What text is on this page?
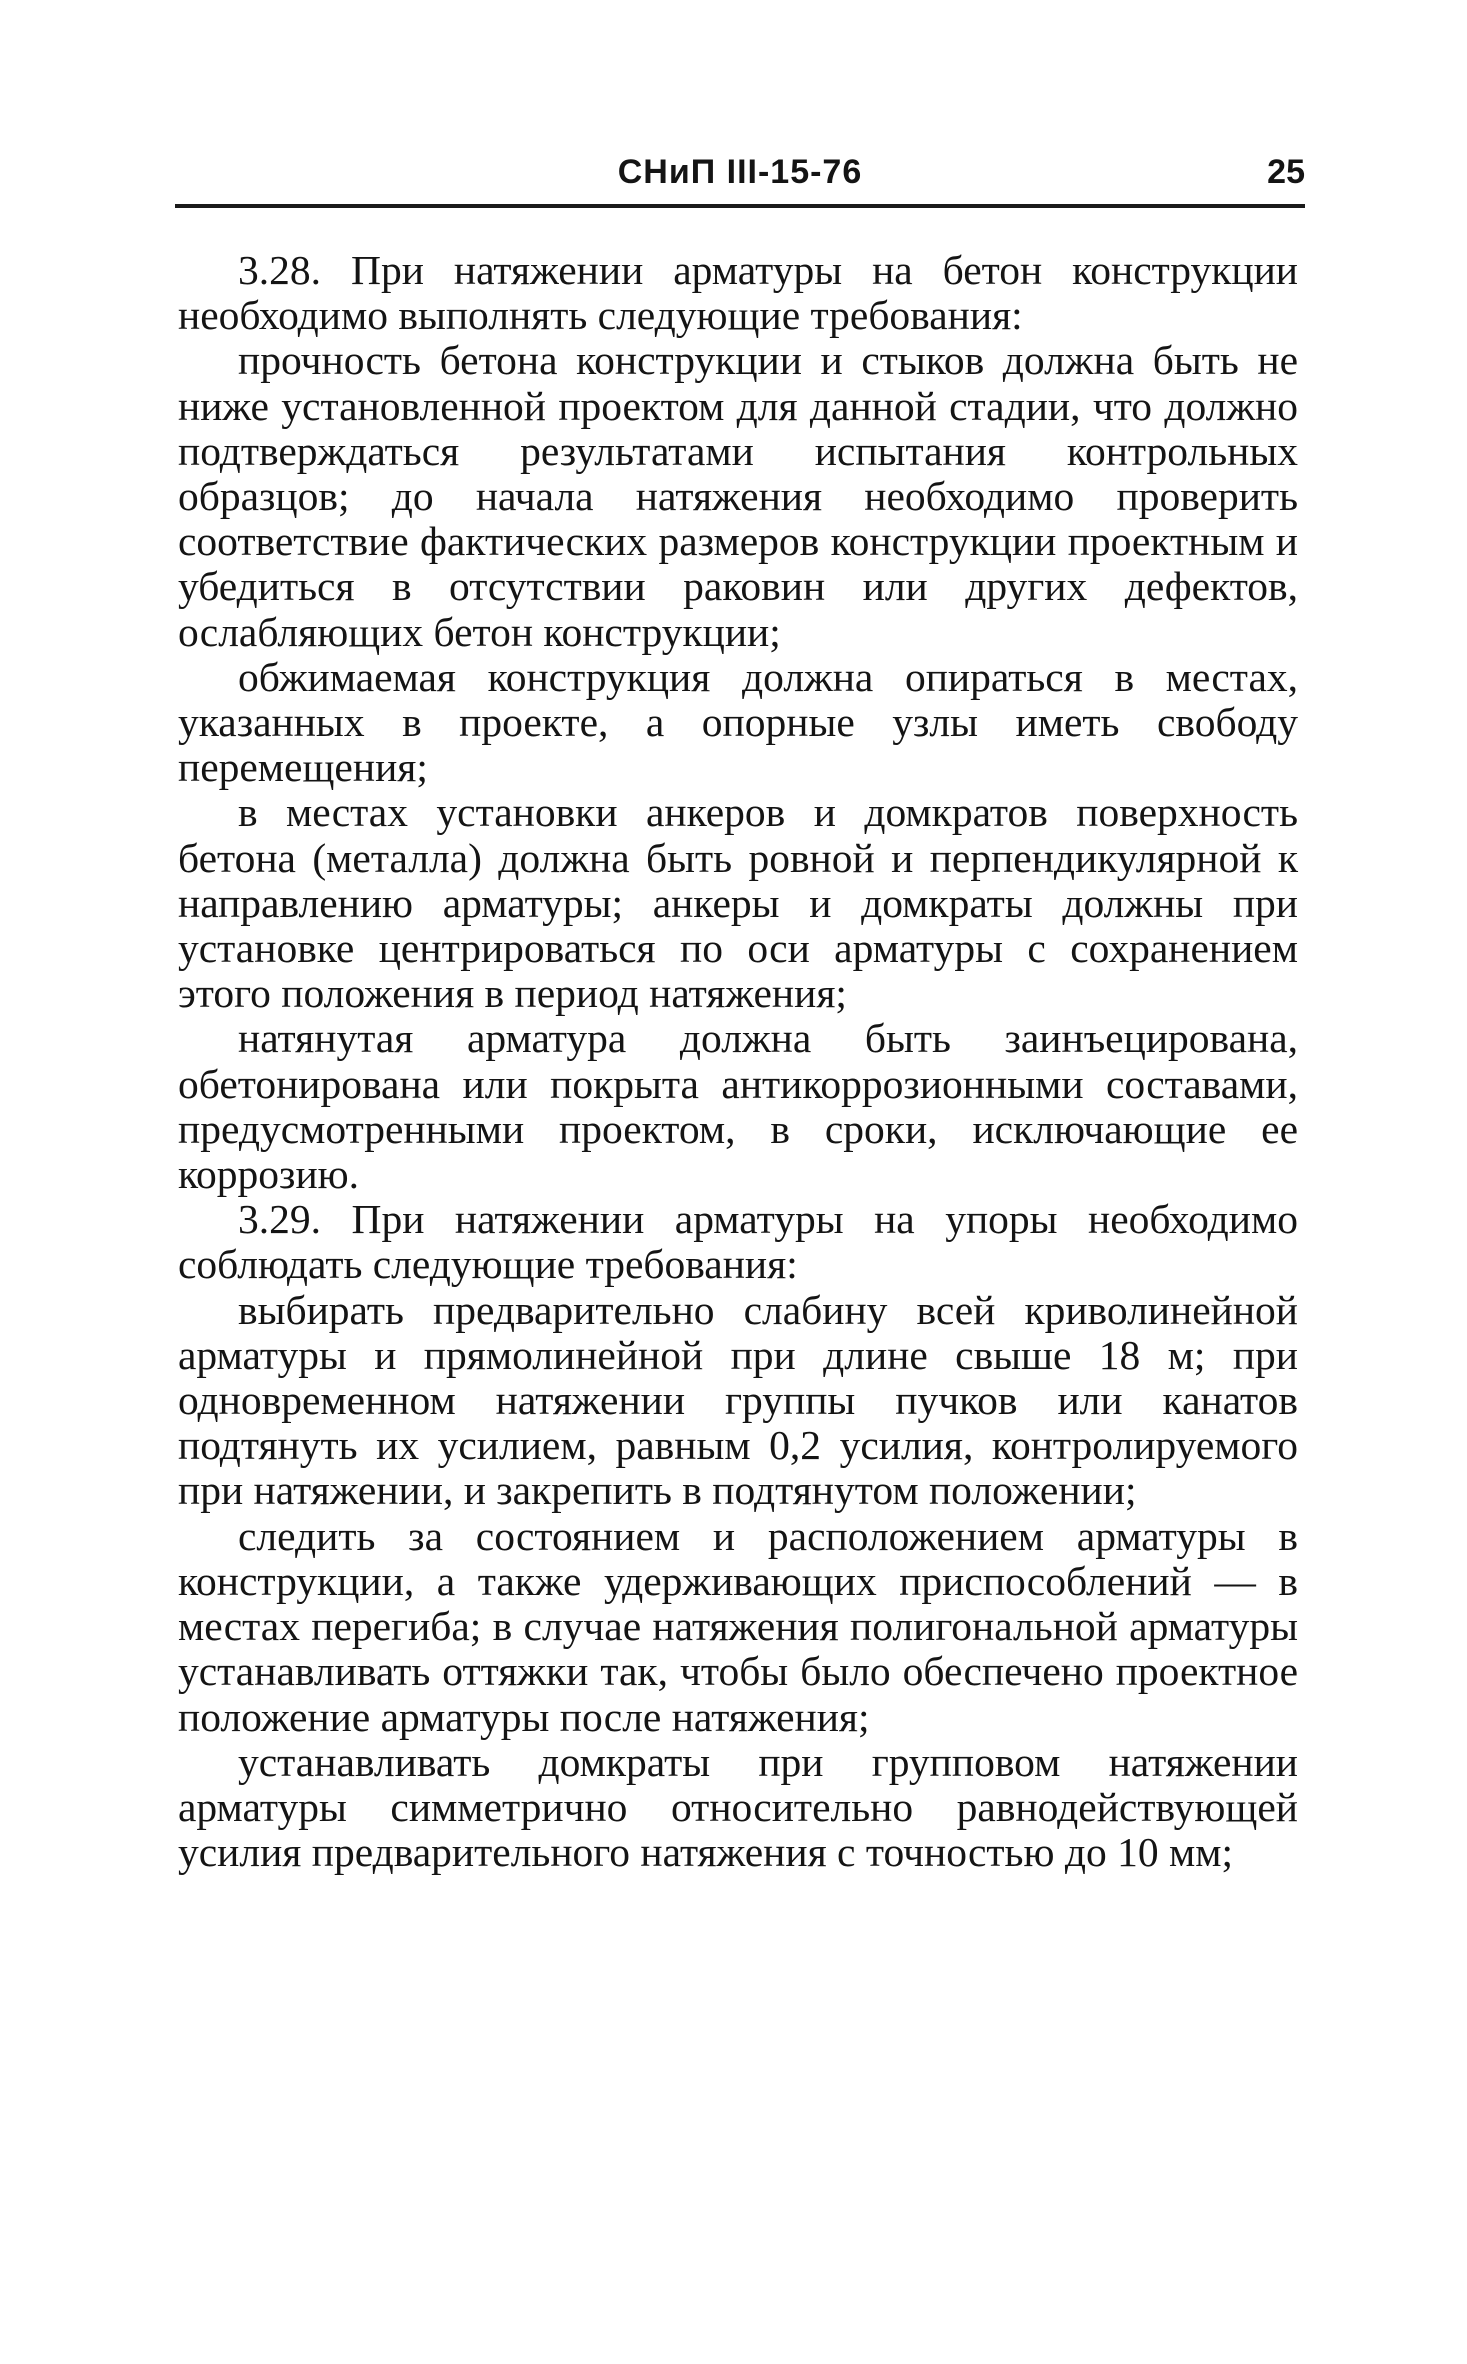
СНиП III-15-76	25

3.28. При натяжении арматуры на бетон конструкции необходимо выполнять следующие требования:

прочность бетона конструкции и стыков должна быть не ниже установленной проектом для данной стадии, что должно подтверждаться результатами испытания контрольных образцов; до начала натяжения необходимо проверить соответствие фактических размеров конструкции проектным и убедиться в отсутствии раковин или других дефектов, ослабляющих бетон конструкции;

обжимаемая конструкция должна опираться в местах, указанных в проекте, а опорные узлы иметь свободу перемещения;

в местах установки анкеров и домкратов поверхность бетона (металла) должна быть ровной и перпендикулярной к направлению арматуры; анкеры и домкраты должны при установке центрироваться по оси арматуры с сохранением этого положения в период натяжения;

натянутая арматура должна быть заинъецирована, обетонирована или покрыта антикоррозионными составами, предусмотренными проектом, в сроки, исключающие ее коррозию.

3.29. При натяжении арматуры на упоры необходимо соблюдать следующие требования:

выбирать предварительно слабину всей криволинейной арматуры и прямолинейной при длине свыше 18 м; при одновременном натяжении группы пучков или канатов подтянуть их усилием, равным 0,2 усилия, контролируемого при натяжении, и закрепить в подтянутом положении;

следить за состоянием и расположением арматуры в конструкции, а также удерживающих приспособлений — в местах перегиба; в случае натяжения полигональной арматуры устанавливать оттяжки так, чтобы было обеспечено проектное положение арматуры после натяжения;

устанавливать домкраты при групповом натяжении арматуры симметрично относительно равнодействующей усилия предварительного натяжения с точностью до 10 мм;
